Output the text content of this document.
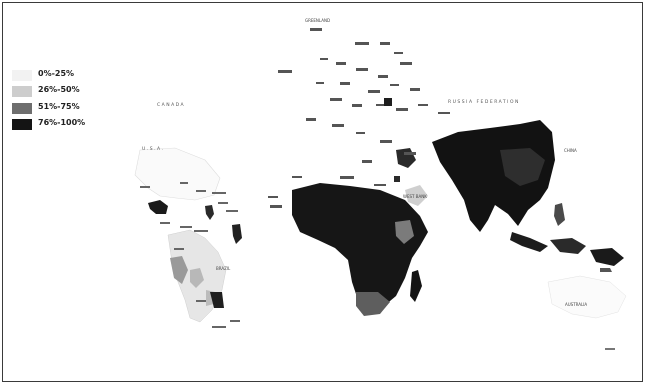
CANADA
U.S.A.
RUSSIA FEDERATION
BRAZIL
AUSTRALIA
CHINA
WEST BANK
GREENLAND
0%-25%
26%-50%
51%-75%
76%-100%
